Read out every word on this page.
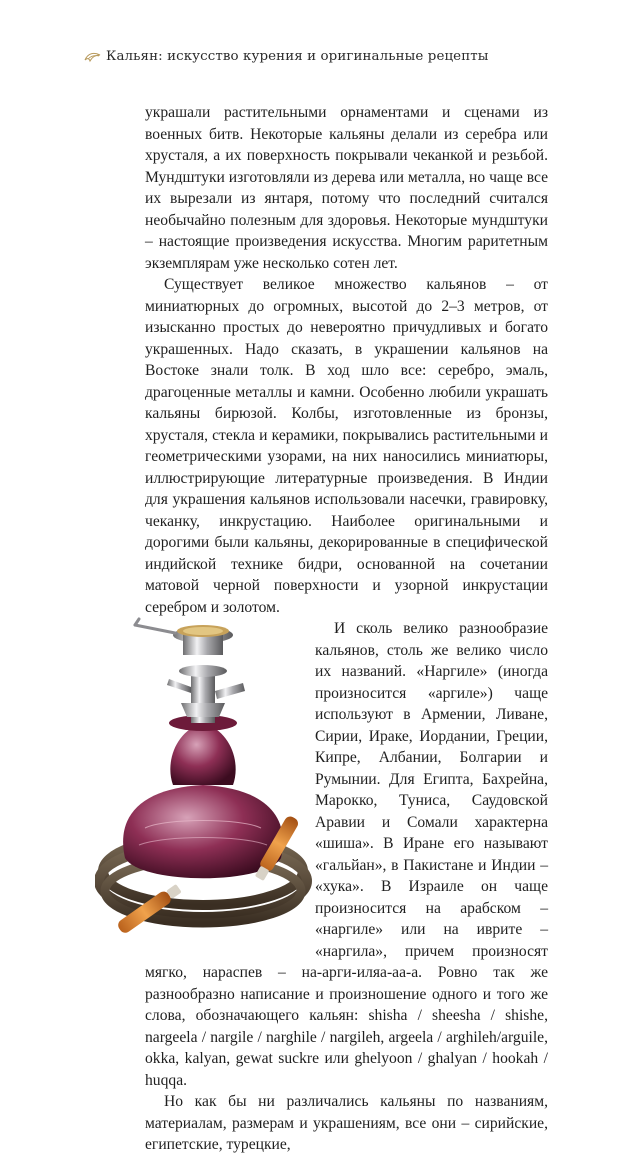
Кальян: искусство курения и оригинальные рецепты

украшали растительными орнаментами и сценами из военных битв. Некоторые кальяны делали из серебра или хрусталя, а их поверхность покрывали чеканкой и резьбой. Мундштуки изготовляли из дерева или металла, но чаще все их вырезали из янтаря, потому что последний считался необычайно полезным для здоровья. Некоторые мундштуки – настоящие произведения искусства. Многим раритетным экземплярам уже несколько сотен лет.

Существует великое множество кальянов – от миниатюрных до огромных, высотой до 2–3 метров, от изысканно простых до невероятно причудливых и богато украшенных. Надо сказать, в украшении кальянов на Востоке знали толк. В ход шло все: серебро, эмаль, драгоценные металлы и камни. Особенно любили украшать кальяны бирюзой. Колбы, изготовленные из бронзы, хрусталя, стекла и керамики, покрывались растительными и геометрическими узорами, на них наносились миниатюры, иллюстрирующие литературные произведения. В Индии для украшения кальянов использовали насечки, гравировку, чеканку, инкрустацию. Наиболее оригинальными и дорогими были кальяны, декорированные в специфической индийской технике бидри, основанной на сочетании матовой черной поверхности и узорной инкрустации серебром и золотом.

И сколь велико разнообразие кальянов, столь же велико число их названий. «Наргиле» (иногда произносится «аргиле») чаще используют в Армении, Ливане, Сирии, Ираке, Иордании, Греции, Кипре, Албании, Болгарии и Румынии. Для Египта, Бахрейна, Марокко, Туниса, Саудовской Аравии и Сомали характерна «шиша». В Иране его называют «гальйан», в Пакистане и Индии – «хука». В Израиле он чаще произносится на арабском – «наргиле» или на иврите – «наргила», причем произносят мягко, нараспев – на-арги-иляа-аа-а. Ровно так же разнообразно написание и произношение одного и того же слова, обозначающего кальян: shisha / sheesha / shishe, nargeela / nargile / narghile / nargileh, argeela / arghileh/arguile, okka, kalyan, gewat suckre или ghelyoon / ghalyan / hookah / huqqa.

Но как бы ни различались кальяны по названиям, материалам, размерам и украшениям, все они – сирийские, египетские, турецкие,
